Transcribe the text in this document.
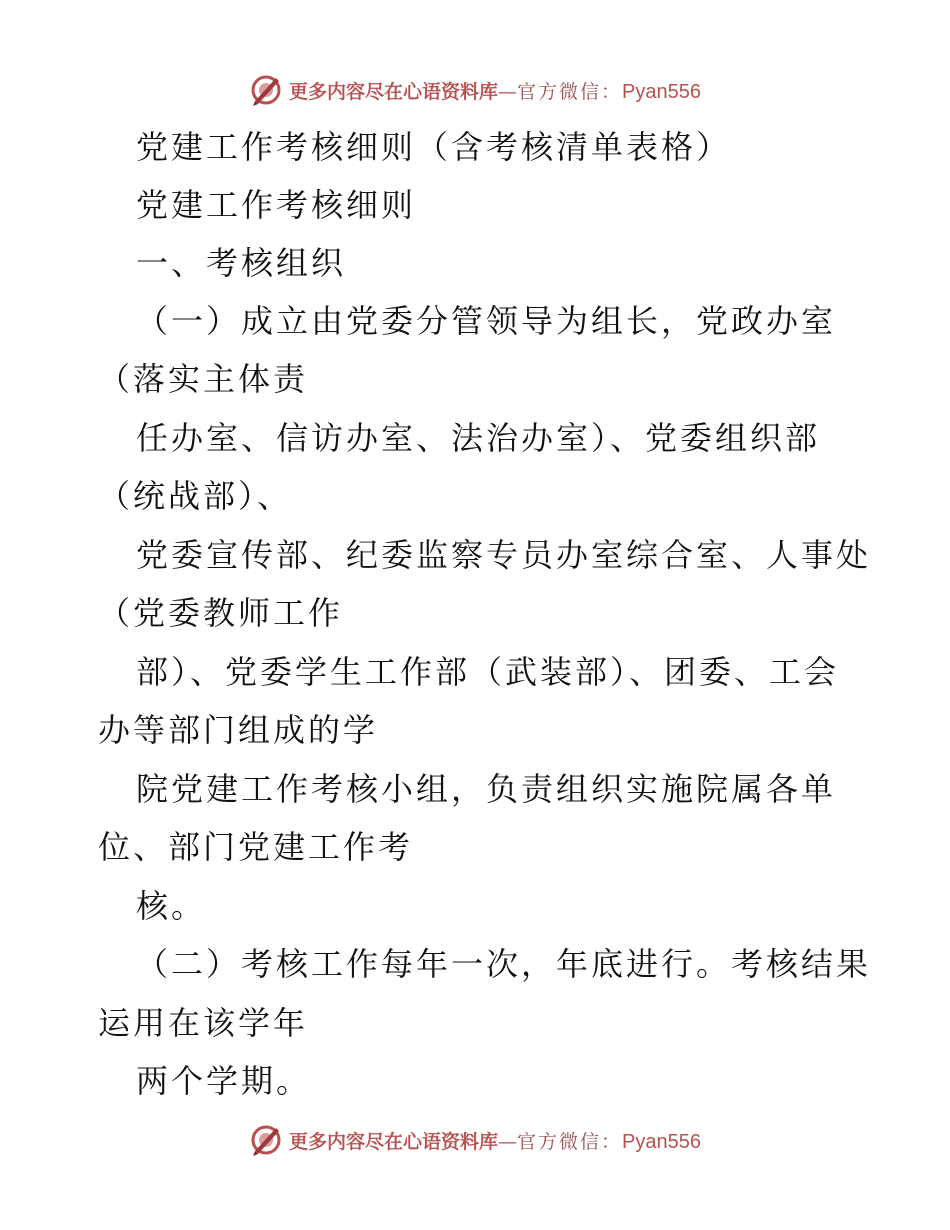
更多内容尽在心语资料库—官方微信：Pyan556
党建工作考核细则（含考核清单表格）
党建工作考核细则
一、考核组织
（一）成立由党委分管领导为组长，党政办室
（落实主体责
任办室、信访办室、法治办室）、党委组织部
（统战部）、
党委宣传部、纪委监察专员办室综合室、人事处
（党委教师工作
部）、党委学生工作部（武装部）、团委、工会
办等部门组成的学
院党建工作考核小组，负责组织实施院属各单
位、部门党建工作考
核。
（二）考核工作每年一次，年底进行。考核结果
运用在该学年
两个学期。
更多内容尽在心语资料库—官方微信：Pyan556
